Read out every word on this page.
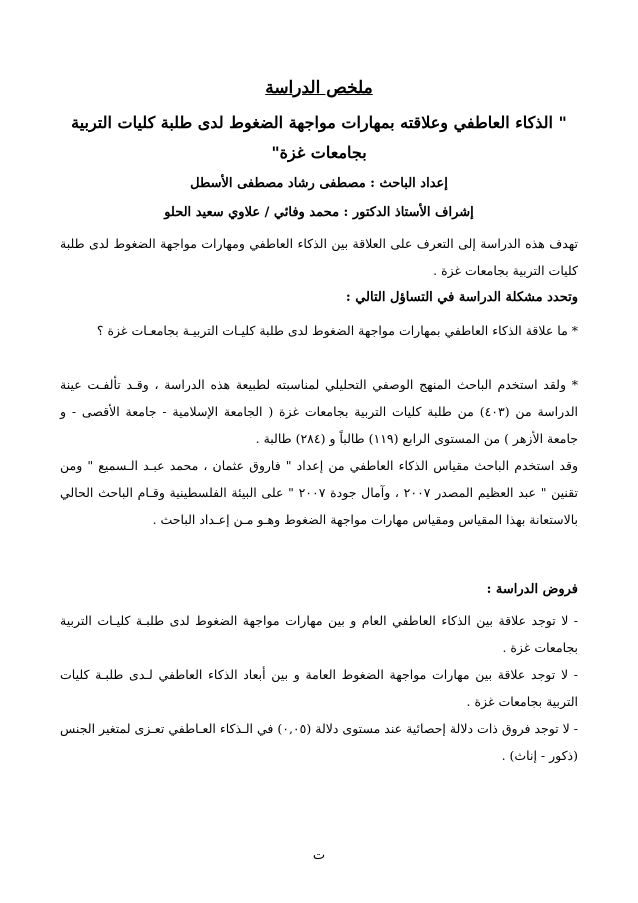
ملخص الدراسة
" الذكاء العاطفي وعلاقته بمهارات مواجهة الضغوط لدى طلبة كليات التربية
بجامعات غزة"
إعداد الباحث : مصطفى رشاد مصطفى الأسطل
إشراف الأستاذ الدكتور : محمد وفائي / علاوي سعيد الحلو
تهدف هذه الدراسة إلى التعرف على العلاقة بين الذكاء العاطفي ومهارات مواجهة الضغوط لدى طلبة كليات التربية بجامعات غزة .
وتحدد مشكلة الدراسة في التساؤل التالي :
* ما علاقة الذكاء العاطفي بمهارات مواجهة الضغوط لدى طلبة كليـات التربيـة بجامعـات غزة ؟
* ولقد استخدم الباحث المنهج الوصفي التحليلي لمناسبته لطبيعة هذه الدراسة ، وقـد تألفـت عينة الدراسة من (٤٠٣) من طلبة كليات التربية بجامعات غزة ( الجامعة الإسلامية - جامعة الأقصى - و جامعة الأزهر ) من المستوى الرابع (١١٩) طالباً و (٢٨٤) طالبة .
وقد استخدم الباحث مقياس الذكاء العاطفي من إعداد " فاروق عثمان ، محمد عبـد الـسميع " ومن تقنين " عبد العظيم المصدر ٢٠٠٧ ، وآمال جودة ٢٠٠٧ " على البيئة الفلسطينية وقـام الباحث الحالي بالاستعانة بهذا المقياس ومقياس مهارات مواجهة الضغوط وهـو مـن إعـداد الباحث .
فروض الدراسة :
- لا توجد علاقة بين الذكاء العاطفي العام و بين مهارات مواجهة الضغوط لدى طلبـة كليـات التربية بجامعات غزة .
- لا توجد علاقة بين مهارات مواجهة الضغوط العامة و بين أبعاد الذكاء العاطفي لـدى طلبـة كليات التربية بجامعات غزة .
- لا توجد فروق ذات دلالة إحصائية عند مستوى دلالة (٠,٠٥) في الـذكاء العـاطفي تعـزى لمتغير الجنس (ذكور - إناث) .
ت
